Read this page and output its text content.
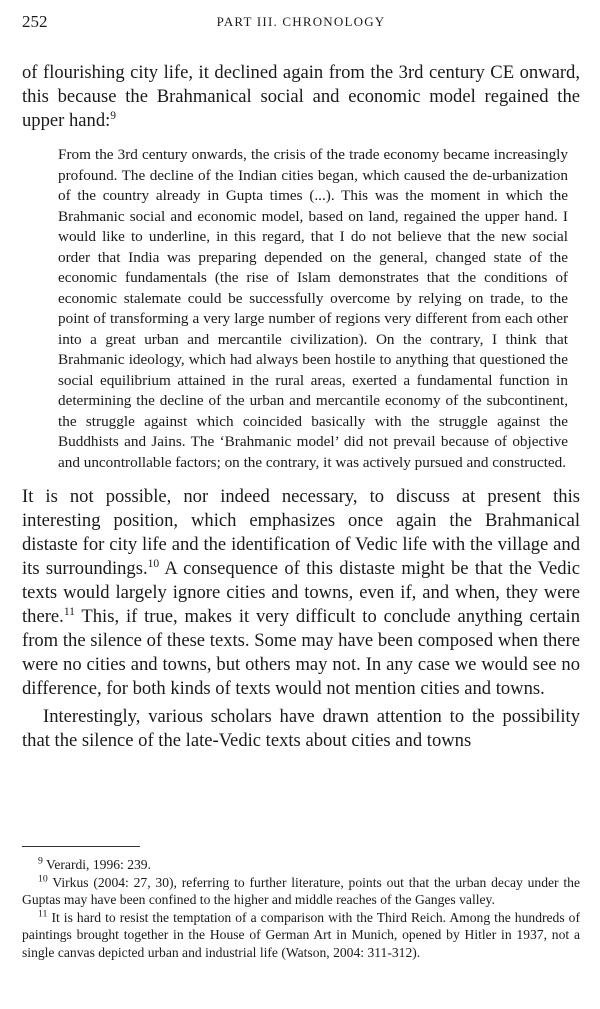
252	PART III. CHRONOLOGY

of flourishing city life, it declined again from the 3rd century CE onward, this because the Brahmanical social and economic model regained the upper hand:$^9$

From the 3rd century onwards, the crisis of the trade economy became increasingly profound. The decline of the Indian cities began, which caused the de-urbanization of the country already in Gupta times (...). This was the moment in which the Brahmanic social and economic model, based on land, regained the upper hand. I would like to underline, in this regard, that I do not believe that the new social order that India was preparing depended on the general, changed state of the economic fundamentals (the rise of Islam demonstrates that the conditions of economic stalemate could be successfully overcome by relying on trade, to the point of transforming a very large number of regions very different from each other into a great urban and mercantile civilization). On the contrary, I think that Brahmanic ideology, which had always been hostile to anything that questioned the social equilibrium attained in the rural areas, exerted a fundamental function in determining the decline of the urban and mercantile economy of the subcontinent, the struggle against which coincided basically with the struggle against the Buddhists and Jains. The ‘Brahmanic model’ did not prevail because of objective and uncontrollable factors; on the contrary, it was actively pursued and constructed.

It is not possible, nor indeed necessary, to discuss at present this interesting position, which emphasizes once again the Brahmanical distaste for city life and the identification of Vedic life with the village and its surroundings.$^{10}$ A consequence of this distaste might be that the Vedic texts would largely ignore cities and towns, even if, and when, they were there.$^{11}$ This, if true, makes it very difficult to conclude anything certain from the silence of these texts. Some may have been composed when there were no cities and towns, but others may not. In any case we would see no difference, for both kinds of texts would not mention cities and towns.

Interestingly, various scholars have drawn attention to the possibility that the silence of the late-Vedic texts about cities and towns

$^9$ Verardi, 1996: 239.

$^{10}$ Virkus (2004: 27, 30), referring to further literature, points out that the urban decay under the Guptas may have been confined to the higher and middle reaches of the Ganges valley.

$^{11}$ It is hard to resist the temptation of a comparison with the Third Reich. Among the hundreds of paintings brought together in the House of German Art in Munich, opened by Hitler in 1937, not a single canvas depicted urban and industrial life (Watson, 2004: 311-312).
